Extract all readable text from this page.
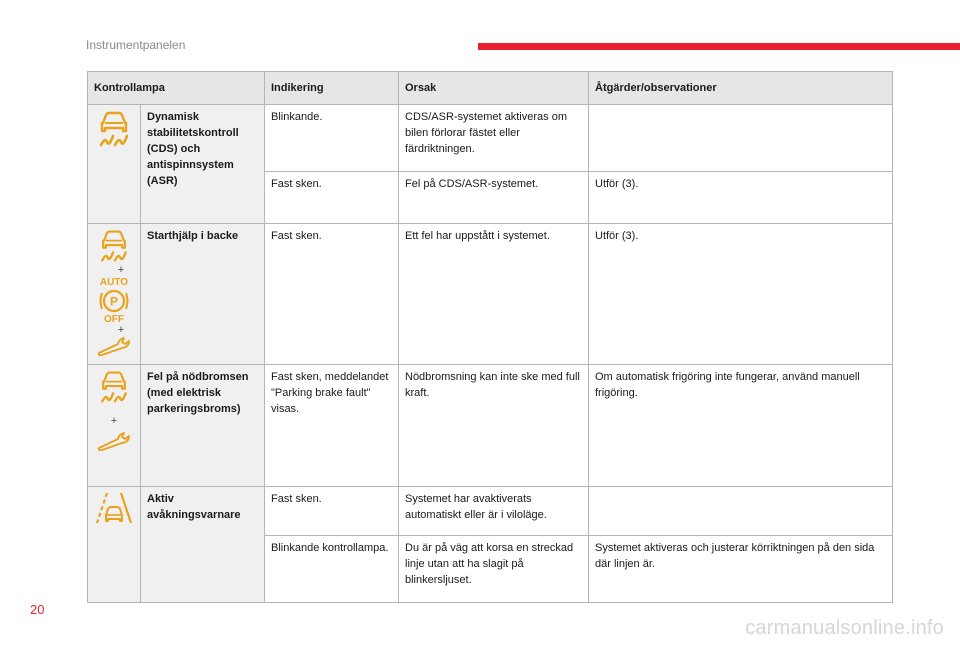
Instrumentpanelen
Kontrollampa		Indikering	Orsak	Åtgärder/observationer

	Dynamisk stabilitetskontroll (CDS) och antispinnsystem (ASR)	Blinkande.	CDS/ASR-systemet aktiveras om bilen förlorar fästet eller färdriktningen.	
		Fast sken.	Fel på CDS/ASR-systemet.	Utför (3).

+
AUTO
P
OFF
+	Starthjälp i backe	Fast sken.	Ett fel har uppstått i systemet.	Utför (3).

+	Fel på nödbromsen (med elektrisk parkeringsbroms)	Fast sken, meddelandet "Parking brake fault" visas.	Nödbromsning kan inte ske med full kraft.	Om automatisk frigöring inte fungerar, använd manuell frigöring.

	Aktiv avåkningsvarnare	Fast sken.	Systemet har avaktiverats automatiskt eller är i viloläge.	
		Blinkande kontrollampa.	Du är på väg att korsa en streckad linje utan att ha slagit på blinkersljuset.	Systemet aktiveras och justerar körriktningen på den sida där linjen är.
20
carmanualsonline.info
